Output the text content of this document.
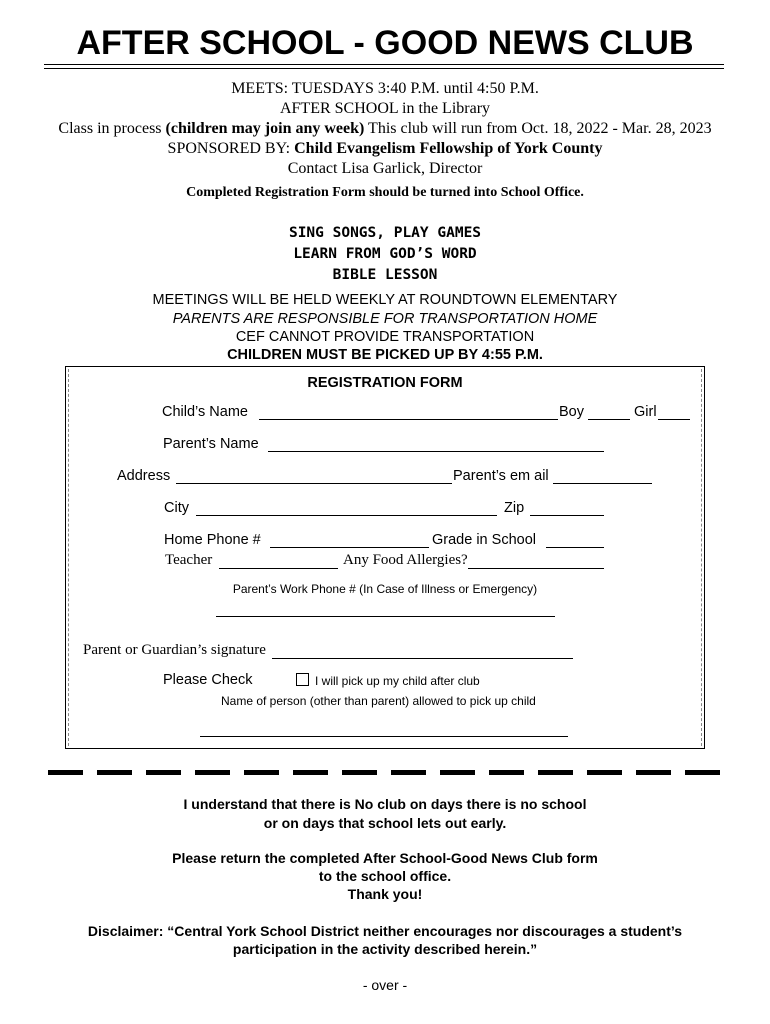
AFTER SCHOOL - GOOD NEWS CLUB
MEETS: TUESDAYS 3:40 P.M. until 4:50 P.M.
AFTER SCHOOL in the Library
Class in process (children may join any week) This club will run from Oct. 18, 2022 - Mar. 28, 2023
SPONSORED BY: Child Evangelism Fellowship of York County
Contact Lisa Garlick, Director
Completed Registration Form should be turned into School Office.
SING SONGS, PLAY GAMES
LEARN FROM GOD’S WORD
BIBLE LESSON
MEETINGS WILL BE HELD WEEKLY AT ROUNDTOWN ELEMENTARY
PARENTS ARE RESPONSIBLE FOR TRANSPORTATION HOME
CEF CANNOT PROVIDE TRANSPORTATION
CHILDREN MUST BE PICKED UP BY 4:55 P.M.
REGISTRATION FORM
Child’s Name	Boy	Girl
Parent’s Name
Address	Parent’s em ail
City	Zip
Home Phone #	Grade in School
Teacher	Any Food Allergies?
Parent’s Work Phone # (In Case of Illness or Emergency)
Parent or Guardian’s signature
Please Check	I will pick up my child after club
Name of person (other than parent) allowed to pick up child
I understand that there is No club on days there is no school
or on days that school lets out early.
Please return the completed After School-Good News Club form
to the school office.
Thank you!
Disclaimer: “Central York School District neither encourages nor discourages a student’s
participation in the activity described herein.”
- over -
